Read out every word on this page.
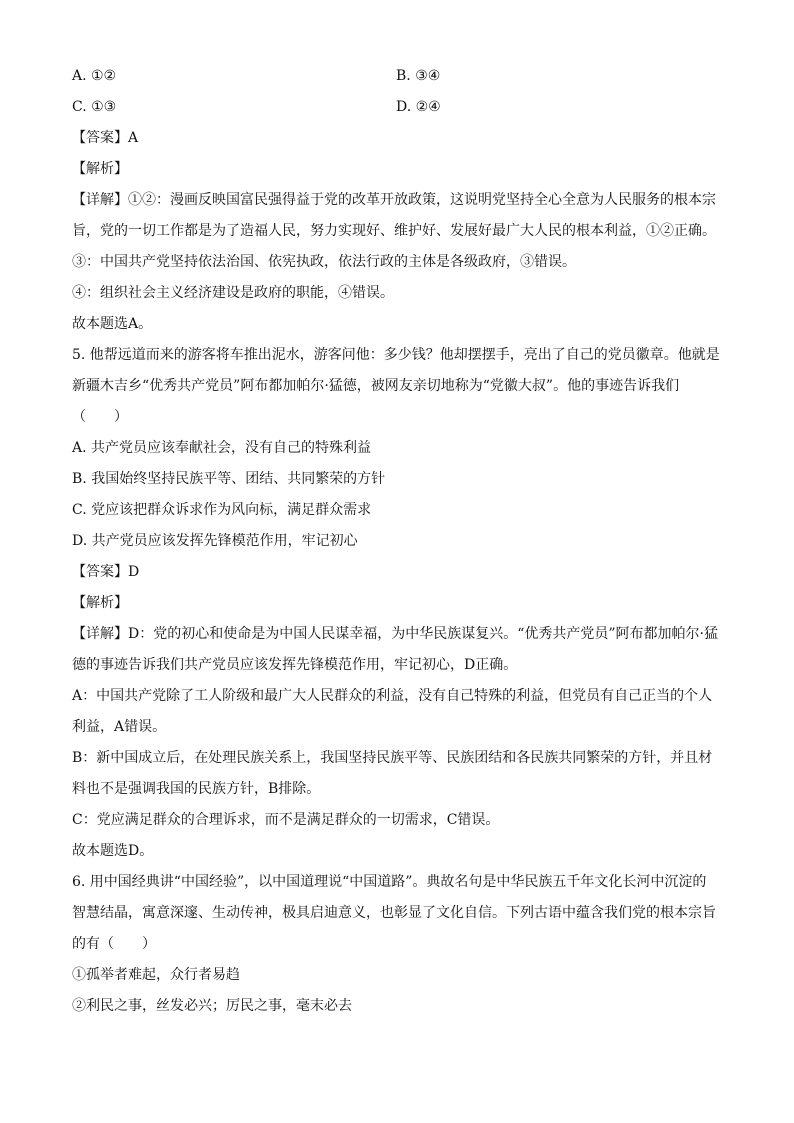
A. ①②	B. ③④
C. ①③	D. ②④
【答案】A
【解析】
【详解】①②：漫画反映国富民强得益于党的改革开放政策，这说明党坚持全心全意为人民服务的根本宗
旨，党的一切工作都是为了造福人民，努力实现好、维护好、发展好最广大人民的根本利益，①②正确。
③：中国共产党坚持依法治国、依宪执政，依法行政的主体是各级政府，③错误。
④：组织社会主义经济建设是政府的职能，④错误。
故本题选A。
5. 他帮远道而来的游客将车推出泥水，游客问他：多少钱？他却摆摆手，亮出了自己的党员徽章。他就是
新疆木吉乡“优秀共产党员”阿布都加帕尔·猛德，被网友亲切地称为“党徽大叔”。他的事迹告诉我们
（　　）
A. 共产党员应该奉献社会，没有自己的特殊利益
B. 我国始终坚持民族平等、团结、共同繁荣的方针
C. 党应该把群众诉求作为风向标，满足群众需求
D. 共产党员应该发挥先锋模范作用，牢记初心
【答案】D
【解析】
【详解】D：党的初心和使命是为中国人民谋幸福，为中华民族谋复兴。“优秀共产党员”阿布都加帕尔·猛
德的事迹告诉我们共产党员应该发挥先锋模范作用，牢记初心，D正确。
A：中国共产党除了工人阶级和最广大人民群众的利益，没有自己特殊的利益，但党员有自己正当的个人
利益，A错误。
B：新中国成立后，在处理民族关系上，我国坚持民族平等、民族团结和各民族共同繁荣的方针，并且材
料也不是强调我国的民族方针，B排除。
C：党应满足群众的合理诉求，而不是满足群众的一切需求，C错误。
故本题选D。
6. 用中国经典讲“中国经验”，以中国道理说“中国道路”。典故名句是中华民族五千年文化长河中沉淀的
智慧结晶，寓意深邃、生动传神，极具启迪意义，也彰显了文化自信。下列古语中蕴含我们党的根本宗旨
的有（　　）
①孤举者难起，众行者易趋
②利民之事，丝发必兴；厉民之事，毫末必去
